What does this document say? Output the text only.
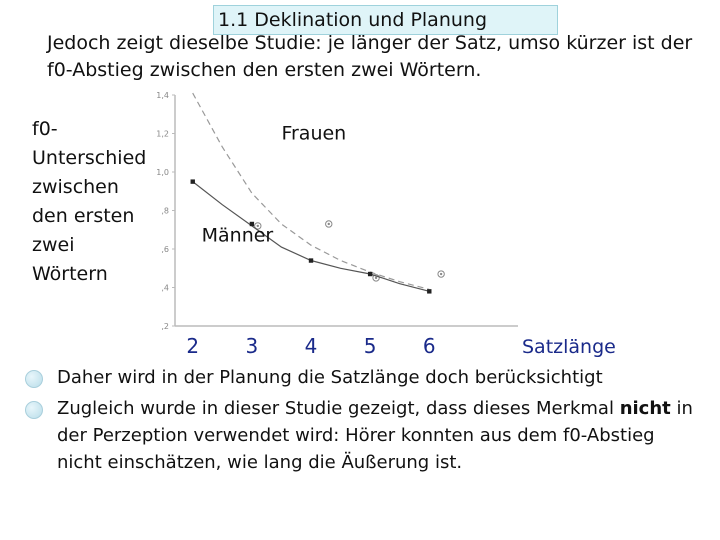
1.1 Deklination und Planung
Jedoch zeigt dieselbe Studie: je länger der Satz, umso kürzer ist der f0-Abstieg zwischen den ersten zwei Wörtern.
f0-
Unterschied
zwischen
den ersten
zwei
Wörtern
,2
,4
,6
,8
1,0
1,2
1,4
Frauen
Männer
2 3 4 5 6	Satzlänge
Daher wird in der Planung die Satzlänge doch berücksichtigt
Zugleich wurde in dieser Studie gezeigt, dass dieses Merkmal nicht in der Perzeption verwendet wird: Hörer konnten aus dem f0-Abstieg nicht einschätzen, wie lang die Äußerung ist.
